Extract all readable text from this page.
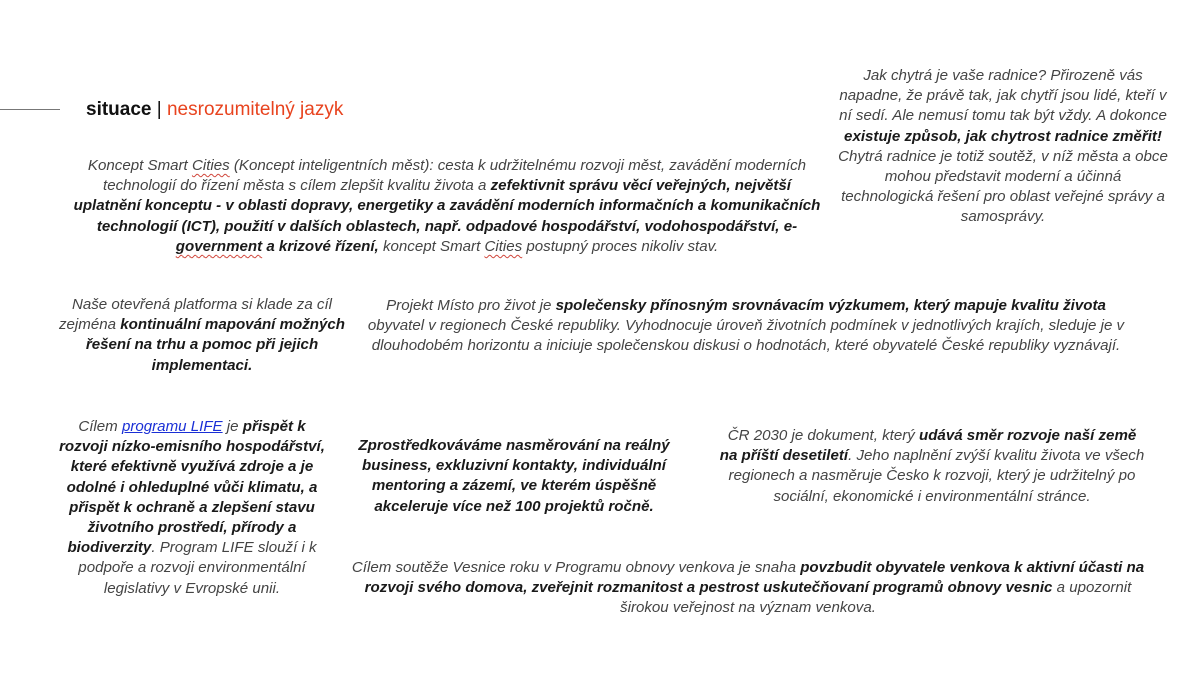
situace | nesrozumitelný jazyk
Jak chytrá je vaše radnice? Přirozeně vás napadne, že právě tak, jak chytří jsou lidé, kteří v ní sedí. Ale nemusí tomu tak být vždy. A dokonce existuje způsob, jak chytrost radnice změřit! Chytrá radnice je totiž soutěž, v níž města a obce mohou představit moderní a účinná technologická řešení pro oblast veřejné správy a samosprávy.
Koncept Smart Cities (Koncept inteligentních měst): cesta k udržitelnému rozvoji měst, zavádění moderních technologií do řízení města s cílem zlepšit kvalitu života a zefektivnit správu věcí veřejných, největší uplatnění konceptu - v oblasti dopravy, energetiky a zavádění moderních informačních a komunikačních technologií (ICT), použití v dalších oblastech, např. odpadové hospodářství, vodohospodářství, e-government a krizové řízení, koncept Smart Cities postupný proces nikoliv stav.
Naše otevřená platforma si klade za cíl zejména kontinuální mapování možných řešení na trhu a pomoc při jejich implementaci.
Projekt Místo pro život je společensky přínosným srovnávacím výzkumem, který mapuje kvalitu života obyvatel v regionech České republiky. Vyhodnocuje úroveň životních podmínek v jednotlivých krajích, sleduje je v dlouhodobém horizontu a iniciuje společenskou diskusi o hodnotách, které obyvatelé České republiky vyznávají.
Cílem programu LIFE je přispět k rozvoji nízko-emisního hospodářství, které efektivně využívá zdroje a je odolné i ohleduplné vůči klimatu, a přispět k ochraně a zlepšení stavu životního prostředí, přírody a biodiverzity. Program LIFE slouží i k podpoře a rozvoji environmentální legislativy v Evropské unii.
Zprostředkováváme nasměrování na reálný business, exkluzivní kontakty, individuální mentoring a zázemí, ve kterém úspěšně akceleruje více než 100 projektů ročně.
ČR 2030 je dokument, který udává směr rozvoje naší země na příští desetiletí. Jeho naplnění zvýší kvalitu života ve všech regionech a nasměruje Česko k rozvoji, který je udržitelný po sociální, ekonomické i environmentální stránce.
Cílem soutěže Vesnice roku v Programu obnovy venkova je snaha povzbudit obyvatele venkova k aktivní účasti na rozvoji svého domova, zveřejnit rozmanitost a pestrost uskutečňovaní programů obnovy vesnic a upozornit širokou veřejnost na význam venkova.
